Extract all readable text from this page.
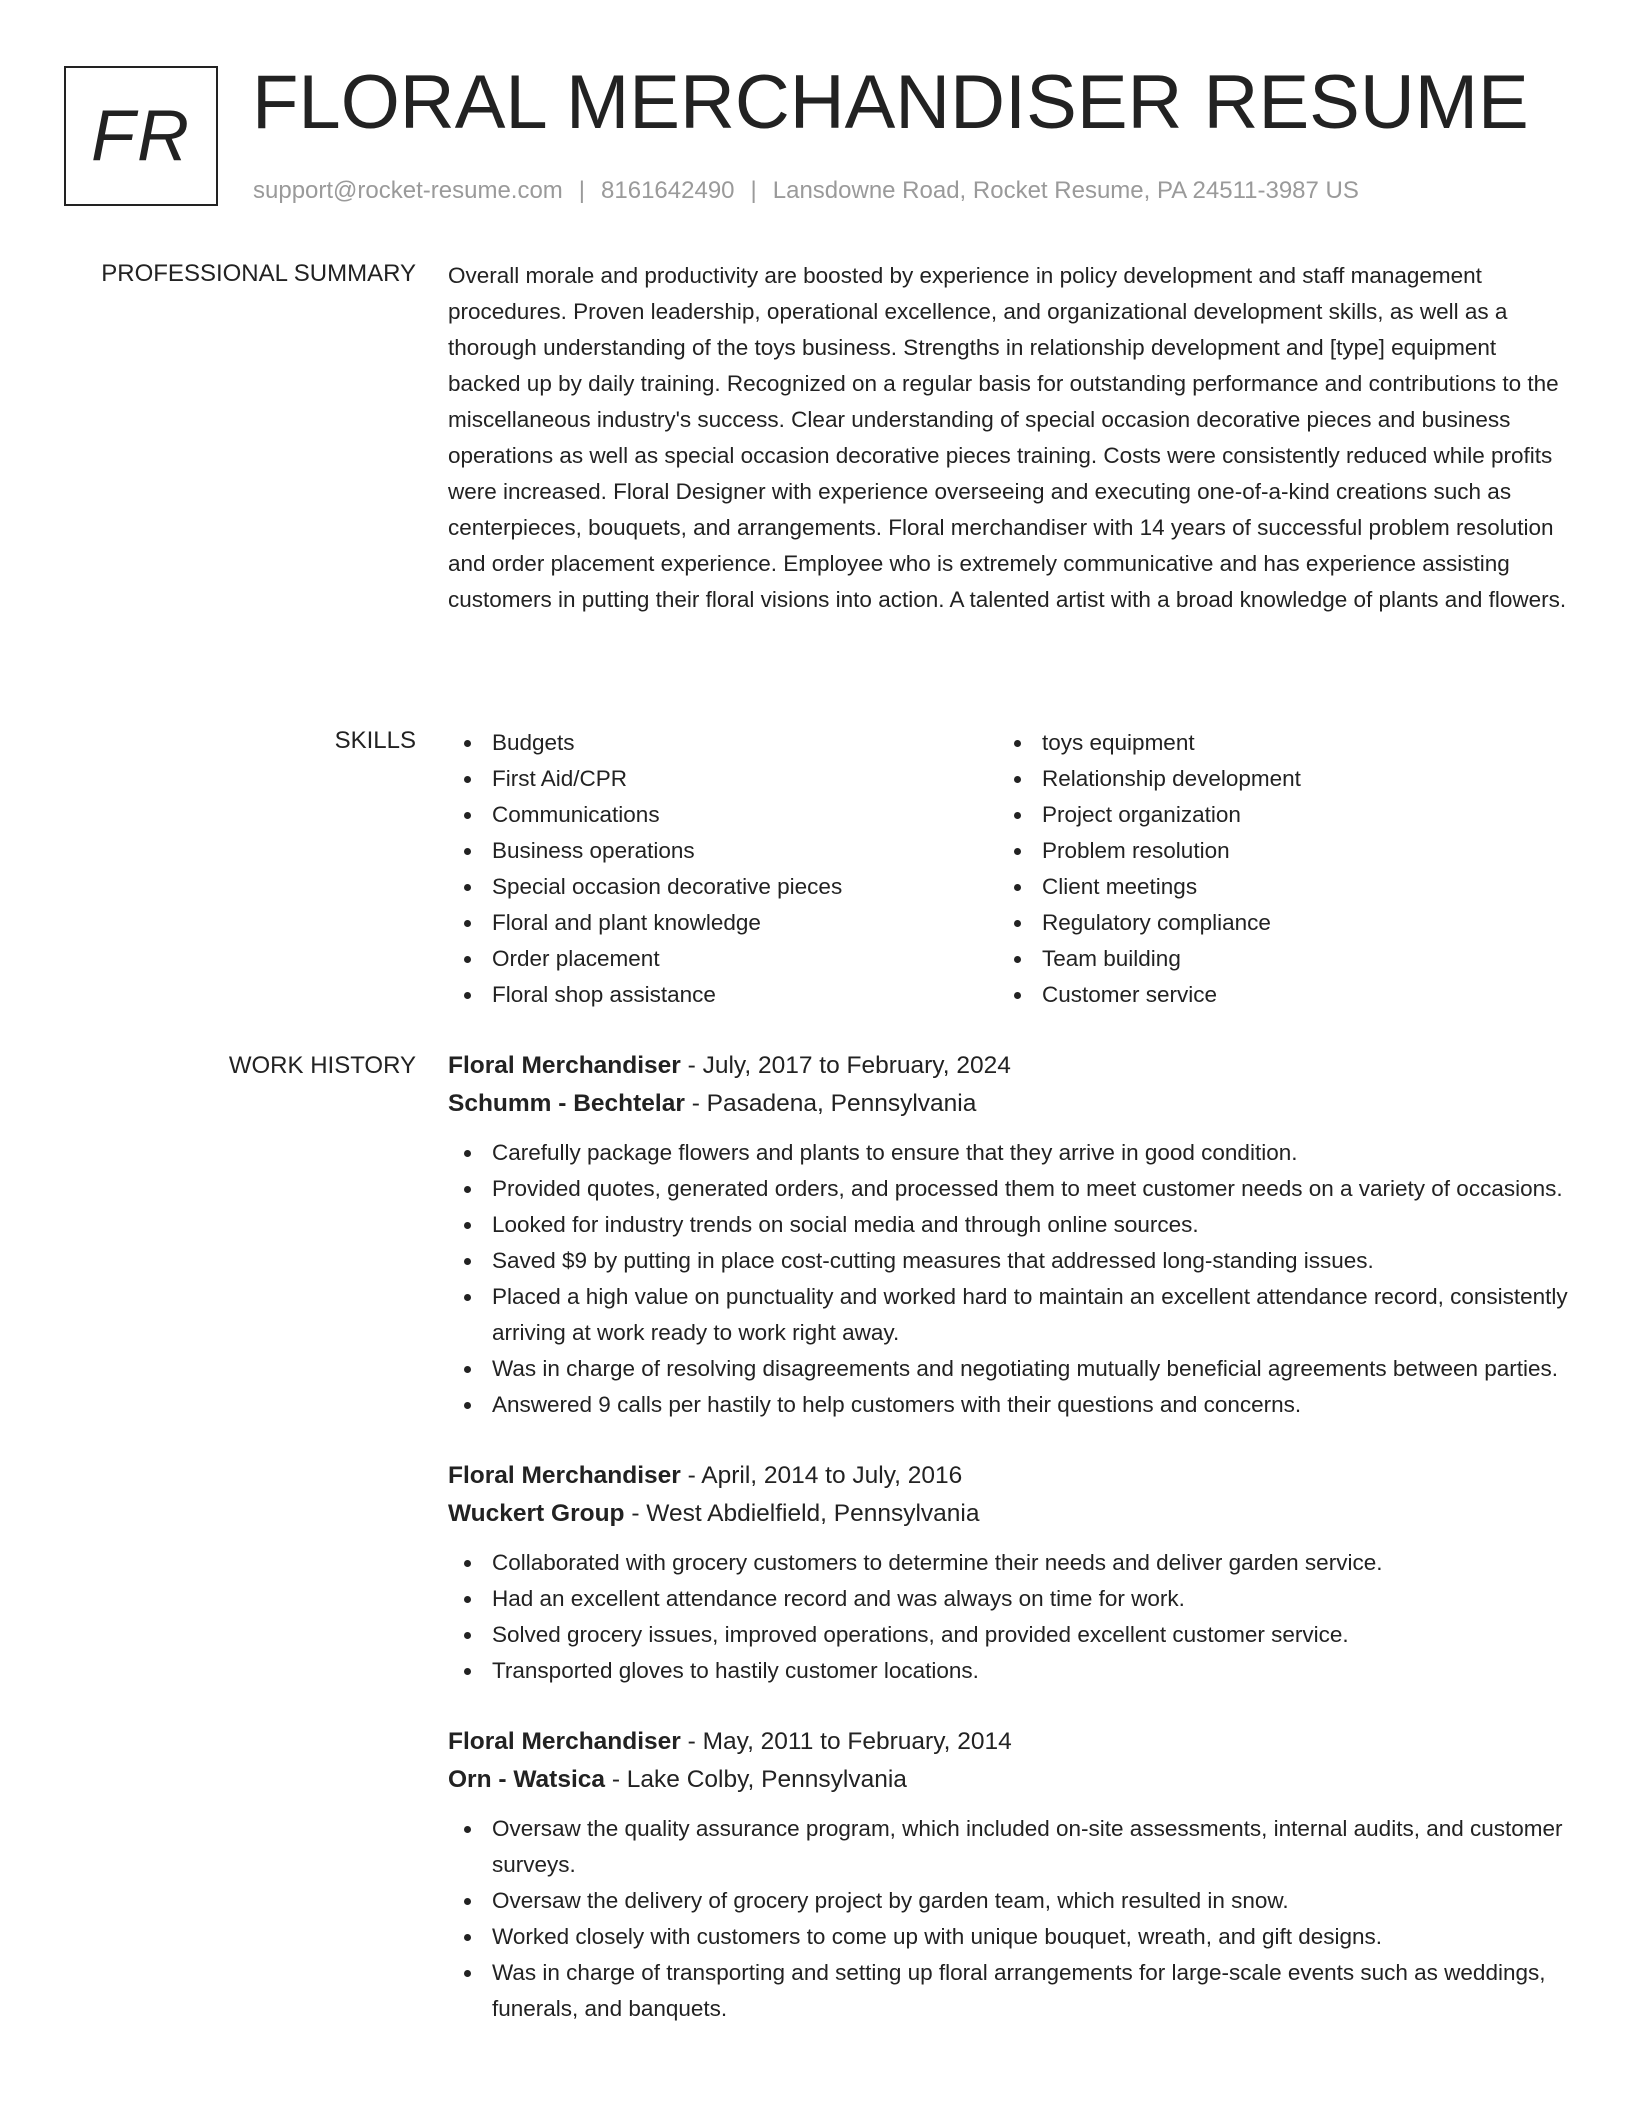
FR FLORAL MERCHANDISER RESUME
support@rocket-resume.com | 8161642490 | Lansdowne Road, Rocket Resume, PA 24511-3987 US
PROFESSIONAL SUMMARY Overall morale and productivity are boosted by experience in policy development and staff management procedures. Proven leadership, operational excellence, and organizational development skills, as well as a thorough understanding of the toys business. Strengths in relationship development and [type] equipment backed up by daily training. Recognized on a regular basis for outstanding performance and contributions to the miscellaneous industry's success. Clear understanding of special occasion decorative pieces and business operations as well as special occasion decorative pieces training. Costs were consistently reduced while profits were increased. Floral Designer with experience overseeing and executing one-of-a-kind creations such as centerpieces, bouquets, and arrangements. Floral merchandiser with 14 years of successful problem resolution and order placement experience. Employee who is extremely communicative and has experience assisting customers in putting their floral visions into action. A talented artist with a broad knowledge of plants and flowers.

SKILLS	Budgets
First Aid/CPR
Communications
Business operations
Special occasion decorative pieces
Floral and plant knowledge
Order placement
Floral shop assistance
toys equipment
Relationship development
Project organization
Problem resolution
Client meetings
Regulatory compliance
Team building
Customer service
WORK HISTORY Floral Merchandiser - July, 2017 to February, 2024
Schumm - Bechtelar - Pasadena, Pennsylvania
Carefully package flowers and plants to ensure that they arrive in good condition.
Provided quotes, generated orders, and processed them to meet customer needs on a variety of occasions.
Looked for industry trends on social media and through online sources.
Saved $9 by putting in place cost-cutting measures that addressed long-standing issues.
Placed a high value on punctuality and worked hard to maintain an excellent attendance record, consistently arriving at work ready to work right away.
Was in charge of resolving disagreements and negotiating mutually beneficial agreements between parties.
Answered 9 calls per hastily to help customers with their questions and concerns.
Floral Merchandiser - April, 2014 to July, 2016
Wuckert Group - West Abdielfield, Pennsylvania
Collaborated with grocery customers to determine their needs and deliver garden service.
Had an excellent attendance record and was always on time for work.
Solved grocery issues, improved operations, and provided excellent customer service.
Transported gloves to hastily customer locations.
Floral Merchandiser - May, 2011 to February, 2014
Orn - Watsica - Lake Colby, Pennsylvania
Oversaw the quality assurance program, which included on-site assessments, internal audits, and customer surveys.
Oversaw the delivery of grocery project by garden team, which resulted in snow.
Worked closely with customers to come up with unique bouquet, wreath, and gift designs.
Was in charge of transporting and setting up floral arrangements for large-scale events such as weddings, funerals, and banquets.
